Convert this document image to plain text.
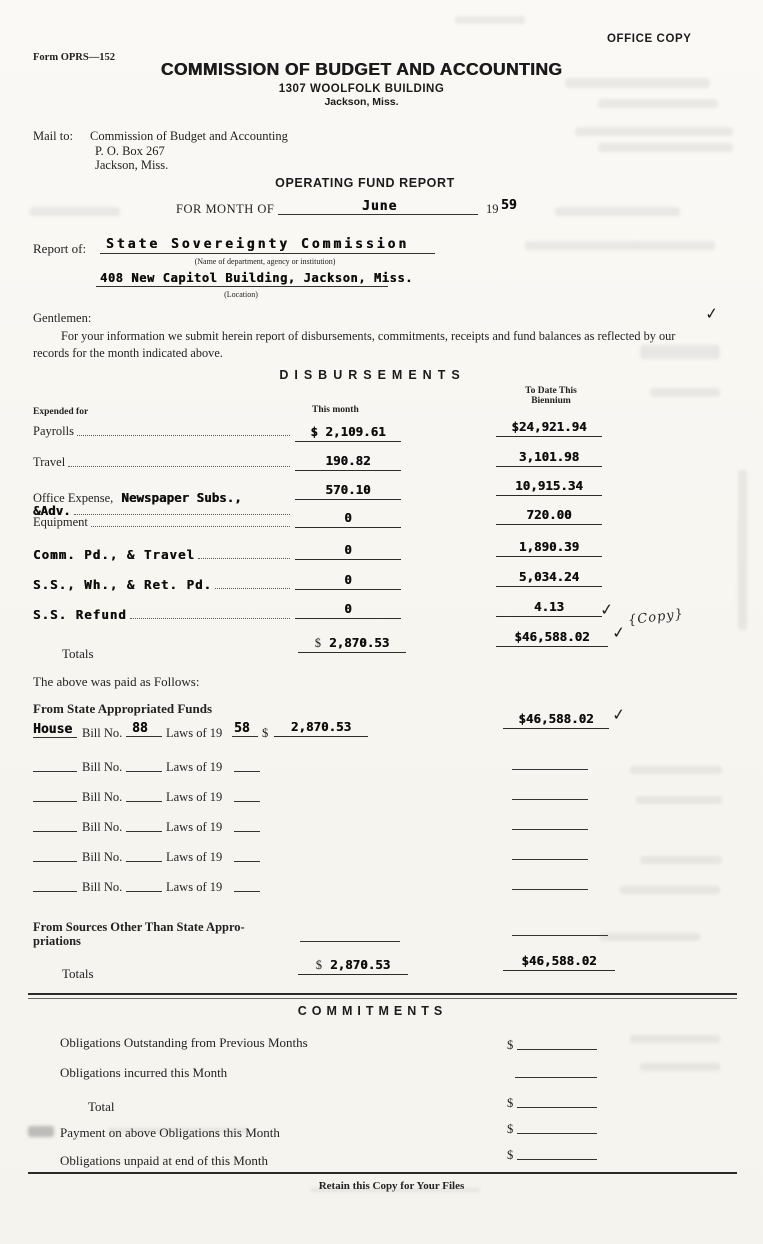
Form OPRS—152
OFFICE COPY
COMMISSION OF BUDGET AND ACCOUNTING
1307 WOOLFOLK BUILDING
Jackson, Miss.
Mail to: Commission of Budget and Accounting
P. O. Box 267
Jackson, Miss.
OPERATING FUND REPORT
FOR MONTH OF	June	19 59
Report of: State Sovereignty Commission
(Name of department, agency or institution)
408 New Capitol Building, Jackson, Miss.
(Location)
Gentlemen:
For your information we submit herein report of disbursements, commitments, receipts and fund balances as reflected by our records for the month indicated above.
✓
DISBURSEMENTS
To Date This
Biennium
Expended for	This month
Payrolls	$ 2,109.61	$24,921.94
Travel	190.82	3,101.98
Office Expense, Newspaper Subs.,
&Adv.
570.10	10,915.34
Equipment	0	720.00
Comm. Pd., & Travel	0	1,890.39
S.S., Wh., & Ret. Pd.	0	5,034.24
S.S. Refund	0	4.13	✓ {Copy}
Totals
$ 2,870.53	$46,588.02	✓
The above was paid as Follows:
From State Appropriated Funds
House Bill No. 88 Laws of 19 58 $	2,870.53
$46,588.02	✓
Bill No.	Laws of 19
Bill No.	Laws of 19
Bill No.	Laws of 19
Bill No.	Laws of 19
Bill No.	Laws of 19
From Sources Other Than State Appro-
priations
Totals
$ 2,870.53	$46,588.02
COMMITMENTS
Obligations Outstanding from Previous Months	$
Obligations incurred this Month
Total	$
Payment on above Obligations this Month	$
Obligations unpaid at end of this Month	$
Retain this Copy for Your Files
